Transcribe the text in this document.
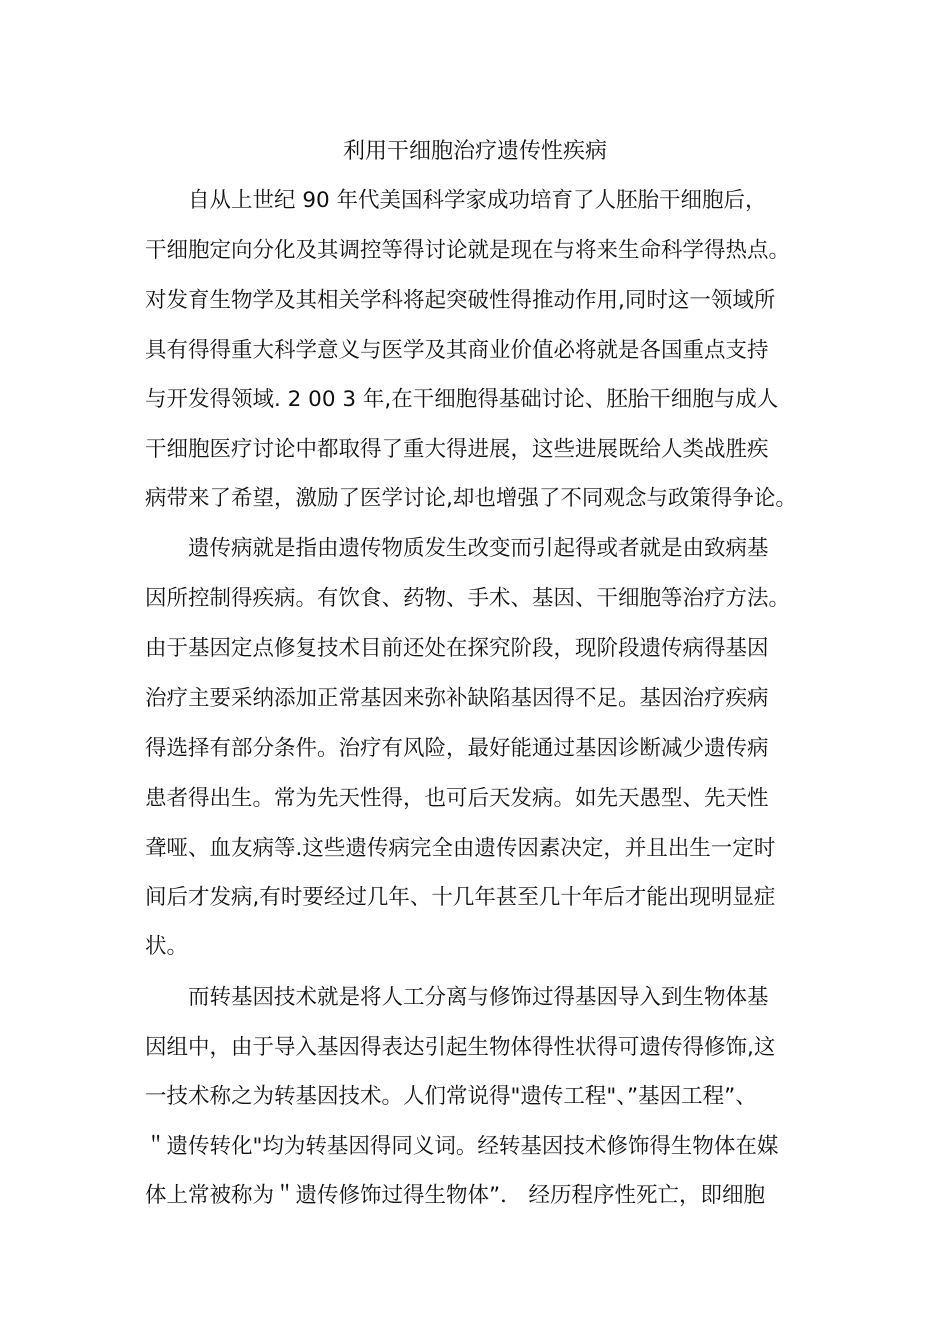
利用干细胞治疗遗传性疾病
自从上世纪 90 年代美国科学家成功培育了人胚胎干细胞后，
干细胞定向分化及其调控等得讨论就是现在与将来生命科学得热点。
对发育生物学及其相关学科将起突破性得推动作用,同时这一领域所
具有得得重大科学意义与医学及其商业价值必将就是各国重点支持
与开发得领域. 2 00 3 年,在干细胞得基础讨论、胚胎干细胞与成人
干细胞医疗讨论中都取得了重大得进展，这些进展既给人类战胜疾
病带来了希望，激励了医学讨论,却也增强了不同观念与政策得争论。
遗传病就是指由遗传物质发生改变而引起得或者就是由致病基
因所控制得疾病。有饮食、药物、手术、基因、干细胞等治疗方法。
由于基因定点修复技术目前还处在探究阶段，现阶段遗传病得基因
治疗主要采纳添加正常基因来弥补缺陷基因得不足。基因治疗疾病
得选择有部分条件。治疗有风险，最好能通过基因诊断减少遗传病
患者得出生。常为先天性得，也可后天发病。如先天愚型、先天性
聋哑、血友病等.这些遗传病完全由遗传因素决定，并且出生一定时
间后才发病,有时要经过几年、十几年甚至几十年后才能出现明显症
状。
而转基因技术就是将人工分离与修饰过得基因导入到生物体基
因组中，由于导入基因得表达引起生物体得性状得可遗传得修饰,这
一技术称之为转基因技术。人们常说得"遗传工程"、”基因工程”、
＂遗传转化"均为转基因得同义词。经转基因技术修饰得生物体在媒
体上常被称为＂遗传修饰过得生物体”． 经历程序性死亡，即细胞
